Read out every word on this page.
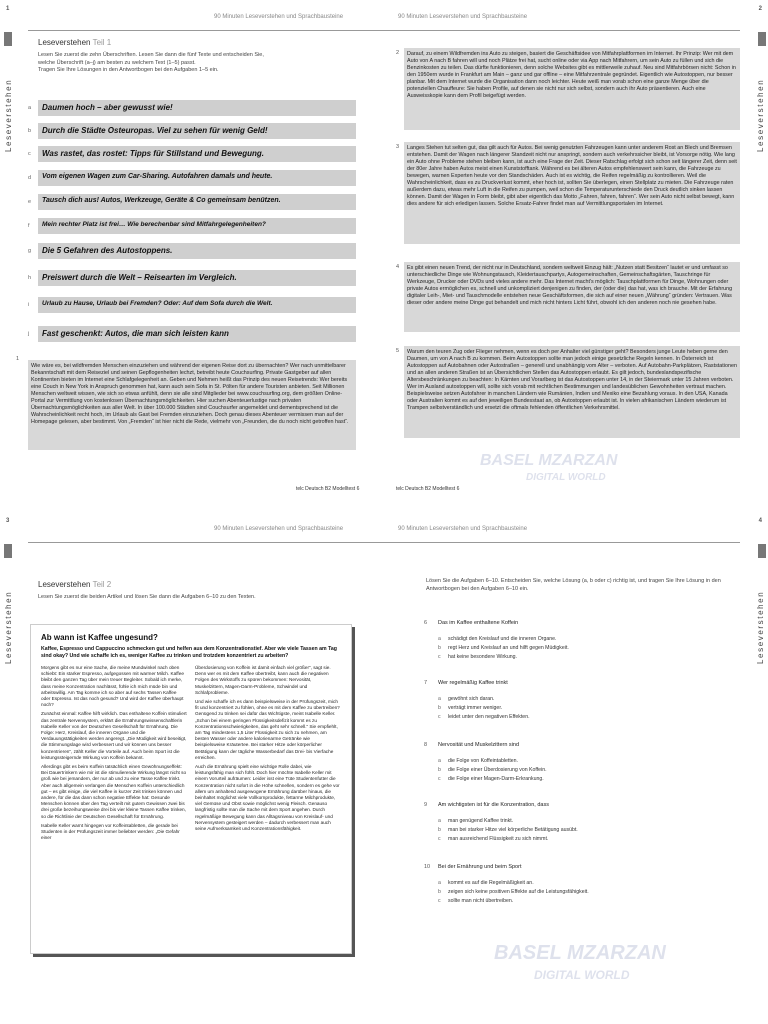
1
90 Minuten Leseverstehen und Sprachbausteine
Leseverstehen
Leseverstehen Teil 1
Lesen Sie zuerst die zehn Überschriften. Lesen Sie dann die fünf Texte und entscheiden Sie,
welche Überschrift (a–j) am besten zu welchem Text (1–5) passt.
Tragen Sie Ihre Lösungen in den Antwortbogen bei den Aufgaben 1–5 ein.
a	Daumen hoch – aber gewusst wie!
b	Durch die Städte Osteuropas. Viel zu sehen für wenig Geld!
c	Was rastet, das rostet: Tipps für Stillstand und Bewegung.
d	Vom eigenen Wagen zum Car-Sharing. Autofahren damals und heute.
e	Tausch dich aus! Autos, Werkzeuge, Geräte & Co gemeinsam benützen.
f	Mein rechter Platz ist frei… Wie berechenbar sind Mitfahrgelegenheiten?
g	Die 5 Gefahren des Autostoppens.
h	Preiswert durch die Welt – Reisearten im Vergleich.
i	Urlaub zu Hause, Urlaub bei Fremden? Oder: Auf dem Sofa durch die Welt.
j	Fast geschenkt: Autos, die man sich leisten kann
1
Wie wäre es, bei wildfremden Menschen einzuziehen und während der eigenen Reise dort zu übernachten? Wer nach unmittelbarer Bekanntschaft mit dem Reiseziel und seinen Gepflogenheiten lechzt, betreibt heute Couchsurfing. Private Gastgeber auf allen Kontinenten bieten im Internet eine Schlafgelegenheit an. Geben und Nehmen heißt das Prinzip des neuen Reisetrends: Wer bereits eine Couch in New York in Anspruch genommen hat, kann auch sein Sofa in St. Pölten für andere Touristen anbieten. Seit Millionen Menschen weltweit wissen, wie sich so etwas anfühlt, denn sie alle sind Mitglieder bei www.couchsurfing.org, dem größten Online-Portal zur Vermittlung von kostenlosen Übernachtungsmöglichkeiten. Hier suchen Abenteuerlustige nach privaten Übernachtungsmöglichkeiten aus aller Welt. In über 100.000 Städten sind Couchsurfer angemeldet und dementsprechend ist die Wahrscheinlichkeit recht hoch, im Urlaub als Gast bei Fremden einzuziehen. Doch genau dieses Abenteuer vermissen man auf der Homepage gelesen, aber bestimmt. Von „Fremden“ ist hier nicht die Rede, vielmehr von „Freunden, die du noch nicht getroffen hast“.
telc Deutsch B2 Modelltest 6
2
90 Minuten Leseverstehen und Sprachbausteine
Leseverstehen
2	Darauf, zu einem Wildfremden ins Auto zu steigen, basiert die Geschäftsidee von Mitfahrplattformen im Internet. Ihr Prinzip: Wer mit dem Auto von A nach B fahren will und noch Plätze frei hat, sucht online oder via App nach Mitfahrern, um sein Auto zu füllen und sich die Benzinkosten zu teilen. Das dürfte funktionieren, denn solche Websites gibt es mittlerweile zuhauf. Neu sind Mitfahrbörsen nicht: Schon in den 1950ern wurde in Frankfurt am Main – ganz und gar offline – eine Mitfahrzentrale gegründet. Eigentlich wie Autostoppen, nur besser planbar. Mit dem Internet wurde die Organisation dann noch leichter. Heute weiß man vorab schon eine ganze Menge über die potenziellen Chauffeure: Sie haben Profile, auf denen sie nicht nur sich selbst, sondern auch ihr Auto präsentieren. Auch eine Ausweisskopie kann dem Profil beigefügt werden.
3	Langes Stehen tut selten gut, das gilt auch für Autos. Bei wenig genutzten Fahrzeugen kann unter anderem Rost an Blech und Bremsen entstehen. Damit der Wagen nach längerer Standzeit nicht nur anspringt, sondern auch verkehrssicher bleibt, ist Vorsorge nötig. Wie lang ein Auto ohne Probleme stehen bleiben kann, ist auch eine Frage der Zeit. Dieser Ratschlag erfolgt sich schon seit längerer Zeit, denn seit der 80er Jahre haben Autos meist einen Kunststofftank. Während es bei älteren Autos empfehlenswert sein kann, die Fahrzeuge zu bewegen, warnen Experten heute vor den Standschäden. Auch ist es wichtig, die Reifen regelmäßig zu kontrollieren. Weil die Wahrscheinlichkeit, dass es zu Druckverlust kommt, eher hoch ist, sollten Sie überlegen, einen Stellplatz zu mieten. Die Fahrzeuge raten außerdem dazu, etwas mehr Luft in die Reifen zu pumpen, weil schon die Temperaturunterschiede den Druck deutlich sinken lassen können. Damit der Wagen in Form bleibt, gibt aber eigentlich das Motto „Fahren, fahren, fahren“. Wer sein Auto nicht selbst bewegt, kann dies andere für sich erledigen lassen. Solche Ersatz-Fahrer findet man auf Vermittlungsportalen im Internet.
4	Es gibt einen neuen Trend, der nicht nur in Deutschland, sondern weltweit Einzug hält: „Nutzen statt Besitzen“ lautet er und umfasst so unterschiedliche Dinge wie Wohnungstausch, Kleidertauschpartys, Autogemeinschaften, Gemeinschaftsgärten, Tauschringe für Werkzeuge, Drucker oder DVDs und vieles andere mehr. Das Internet macht's möglich: Tauschplattformen für Dinge, Wohnungen oder private Autos ermöglichen es, schnell und unkompliziert denjenigen zu finden, der (oder die) das hat, was ich brauche. Mit der Erfahrung digitaler Leih-, Miet- und Tauschmodelle entstehen neue Geschäftsformen, die sich auf einer neuen „Währung“ gründen: Vertrauen. Was dieser oder andere meine Dinge gut behandelt und mich nicht hinters Licht führt, obwohl ich den anderen noch nie gesehen habe.
5	Warum den teuren Zug oder Flieger nehmen, wenn es doch per Anhalter viel günstiger geht? Besonders junge Leute heben gerne den Daumen, um von A nach B zu kommen. Beim Autostoppen sollte man jedoch einige gesetzliche Regeln kennen. In Österreich ist Autostoppen auf Autobahnen oder Autostraßen – generell und unabhängig vom Alter – verboten. Auf Autobahn-Parkplätzen, Raststationen und an allen anderen Straßen ist an Übersichtlichen Stellen das Autostoppen erlaubt. Es gilt jedoch, bundeslandspezifische Altersbeschränkungen zu beachten: In Kärnten und Vorarlberg ist das Autostoppen unter 14, in der Steiermark unter 15 Jahren verboten. Wer im Ausland autostoppen will, sollte sich vorab mit rechtlichen Bestimmungen und landesüblichen Gewohnheiten vertraut machen. Beispielsweise setzen Autofahrer in manchen Ländern wie Rumänien, Indien und Mexiko eine Bezahlung voraus. In den USA, Kanada oder Australien kommt es auf den jeweiligen Bundesstaat an, ob Autostoppen erlaubt ist. In vielen afrikanischen Ländern wiederum ist Trampen selbstverständlich und ersetzt die oftmals fehlenden öffentlichen Verkehrsmittel.
BASEL MZARZAN
DIGITAL WORLD
telc Deutsch B2 Modelltest 6
3
90 Minuten Leseverstehen und Sprachbausteine
Leseverstehen
Leseverstehen Teil 2
Lesen Sie zuerst die beiden Artikel und lösen Sie dann die Aufgaben 6–10 zu den Texten.
Ab wann ist Kaffee ungesund?
Kaffee, Espresso und Cappuccino schmecken gut und helfen aus dem Konzentrationstief. Aber wie viele Tassen am Tag sind okay? Und wie schaffe ich es, weniger Kaffee zu trinken und trotzdem konzentriert zu arbeiten?

Morgens gibt es nur eine Sache, die meine Mundwinkel nach oben schiebt: Ein starker Espresso, aufgegossen mit warmer Milch. Kaffee bleibt den ganzen Tag über mein treuer Begleiter. Sobald ich merke, dass meine Konzentration nachlässt, fühle ich mich müde bin und arbeitswillig. Am Tag komme ich so aber auf sechs Tassen Kaffee oder Espresso. Ist das noch gesund? Und wird der Kaffee überhaupt noch?

Zunächst einmal: Kaffee hilft wirklich. Das enthaltene Koffein stimuliert das zentrale Nervensystem, erklärt die Ernährungswissenschaftlerin Isabelle Keller von der Deutschen Gesellschaft für Ernährung. Die Folge: Herz, Kreislauf, die inneren Organe und die Verdauungstätigkeiten werden angeregt. „Die Müdigkeit wird beseitigt, die Stimmungslage wird verbessert und wir können uns besser konzentrieren“, zählt Keller die Vorteile auf. Auch beim Sport ist die leistungssteigernde Wirkung von Koffein bekannt.

Allerdings gibt es beim Koffein tatsächlich einen Gewöhnungseffekt: Bei Dauertrinkern wie mir ist die stimulierende Wirkung längst nicht so groß wie bei jemandem, der nur ab und zu eine Tasse Kaffee trinkt. Aber auch allgemein verlangen die Menschen Koffein unterschiedlich gut – es gibt einige, die viel Kaffee in kurzer Zeit trinken können und andere, für die das dann schon negative Effekte hat: Gesunde Menschen können über den Tag verteilt mit gutem Gewissen zwei bis drei große bezeihungsweise drei bis vier kleine Tassen Kaffee trinken, so die Richtlinie der Deutschen Gesellschaft für Ernährung.

Isabelle Keller warnt hingegen vor Koffeintabletten, die gerade bei Studenten in der Prüfungszeit immer beliebter werden: „Die Gefahr einer

Überdosierung von Koffein ist damit einfach viel größer“, sagt sie. Denn wer es mit dem Kaffee übertreibt, kann auch die negativen Folgen des Wirkstoffs zu spüren bekommen: Nervosität, Muskelzittern, Magen-Darm-Probleme, Schwindel und Schlafprobleme.

Und wie schaffe ich es dann beispielsweise in der Prüfungszeit, mich fit und konzentriert zu fühlen, ohne es mit dem Kaffee zu übertreiben? Genügend zu trinken sei dafür das Wichtigste, meint Isabelle Keller. „Schon bei einem geringen Flüssigkeitsdefizit kommt es zu Konzentrationsschwierigkeiten, das geht sehr schnell.“ Sie empfiehlt, am Tag mindestens 1,5 Liter Flüssigkeit zu sich zu nehmen, am besten Wasser oder andere kalorienarme Getränke wie beispielsweise Kräutertee. Bei starker Hitze oder körperlicher Betätigung kann der tägliche Wasserbedarf das Drei- bis Vierfache erreichen.

Auch die Ernährung spielt eine wichtige Rolle dabei, wie leistungsfähig man sich fühlt. Doch hier möchte Isabelle Keller mit einem Vorurteil aufräumen: Leider isst eine Tüte Studentenfutter die Konzentration nicht sofort in die Höhe schnellen, sondern es gehe vor allem um anhaltend ausgewogene Ernährung darüber hinaus, die beinhaltet möglichst viele Vollkornprodukte, fettarme Milchprodukte, viel Gemüse und Obst sowie möglichst wenig Fleisch. Genauso langfristig sollte man die Sache mit dem Sport angehen. Durch regelmäßige Bewegung kann das Alltagsniveau von Kreislauf- und Nervensystem gesteigert werden – dadurch verbessert man auch seine Aufmerksamkeit und Konzentrationsfähigkeit.

4
90 Minuten Leseverstehen und Sprachbausteine
Leseverstehen
Lösen Sie die Aufgaben 6–10. Entscheiden Sie, welche Lösung (a, b oder c) richtig ist, und tragen Sie Ihre Lösung in den Antwortbogen bei den Aufgaben 6–10 ein.
6 Das im Kaffee enthaltene Koffein
a schädigt den Kreislauf und die inneren Organe.
b regt Herz und Kreislauf an und hilft gegen Müdigkeit.
c hat keine besondere Wirkung.
7 Wer regelmäßig Kaffee trinkt
a gewöhnt sich daran.
b verträgt immer weniger.
c leidet unter den negativen Effekten.
8 Nervosität und Muskelzittern sind
a die Folge von Koffeintabletten.
b die Folge einer Überdosierung von Koffein.
c die Folge einer Magen-Darm-Erkrankung.
9 Am wichtigsten ist für die Konzentration, dass
a man genügend Kaffee trinkt.
b man bei starker Hitze viel körperliche Betätigung ausübt.
c man ausreichend Flüssigkeit zu sich nimmt.
10 Bei der Ernährung und beim Sport
a kommt es auf die Regelmäßigkeit an.
b zeigen sich keine positiven Effekte auf die Leistungsfähigkeit.
c sollte man nicht übertreiben.
BASEL MZARZAN
DIGITAL WORLD
